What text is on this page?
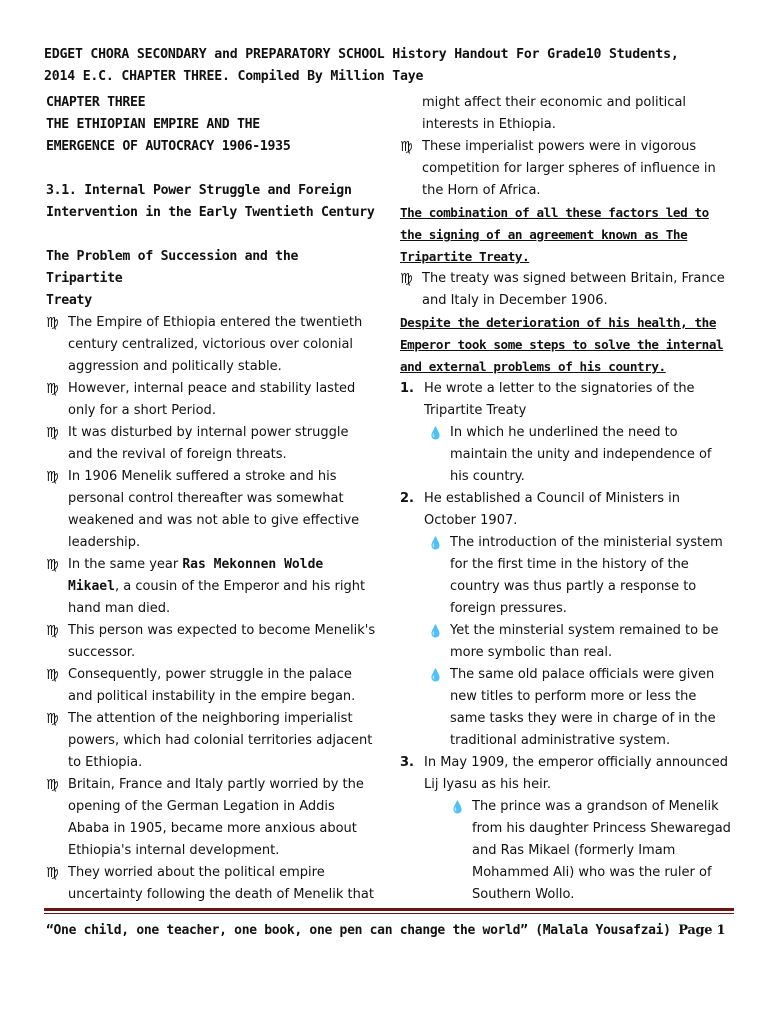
EDGET CHORA SECONDARY and PREPARATORY SCHOOL History Handout For Grade10 Students,
2014 E.C. CHAPTER THREE. Compiled By Million Taye
CHAPTER THREE
THE ETHIOPIAN EMPIRE AND THE
EMERGENCE OF AUTOCRACY 1906-1935
3.1. Internal Power Struggle and Foreign
Intervention in the Early Twentieth Century
The Problem of Succession and the Tripartite
Treaty
♍ The Empire of Ethiopia entered the twentieth century centralized, victorious over colonial aggression and politically stable.
♍ However, internal peace and stability lasted only for a short Period.
♍ It was disturbed by internal power struggle and the revival of foreign threats.
♍ In 1906 Menelik suffered a stroke and his personal control thereafter was somewhat weakened and was not able to give effective leadership.
♍ In the same year Ras Mekonnen Wolde Mikael, a cousin of the Emperor and his right hand man died.
♍ This person was expected to become Menelik's successor.
♍ Consequently, power struggle in the palace and political instability in the empire began.
♍ The attention of the neighboring imperialist powers, which had colonial territories adjacent to Ethiopia.
♍ Britain, France and Italy partly worried by the opening of the German Legation in Addis Ababa in 1905, became more anxious about Ethiopia's internal development.
♍ They worried about the political empire uncertainty following the death of Menelik that
might affect their economic and political interests in Ethiopia.
♍ These imperialist powers were in vigorous competition for larger spheres of influence in the Horn of Africa.
The combination of all these factors led to the signing of an agreement known as The Tripartite Treaty.
♍ The treaty was signed between Britain, France and Italy in December 1906.
Despite the deterioration of his health, the Emperor took some steps to solve the internal and external problems of his country.
1. He wrote a letter to the signatories of the Tripartite Treaty
💧 In which he underlined the need to maintain the unity and independence of his country.
2. He established a Council of Ministers in October 1907.
💧 The introduction of the ministerial system for the first time in the history of the country was thus partly a response to foreign pressures.
💧 Yet the minsterial system remained to be more symbolic than real.
💧 The same old palace officials were given new titles to perform more or less the same tasks they were in charge of in the traditional administrative system.
3. In May 1909, the emperor officially announced Lij Iyasu as his heir.
💧 The prince was a grandson of Menelik from his daughter Princess Shewaregad and Ras Mikael (formerly Imam Mohammed Ali) who was the ruler of Southern Wollo.
“One child, one teacher, one book, one pen can change the world” (Malala Yousafzai) Page 1
